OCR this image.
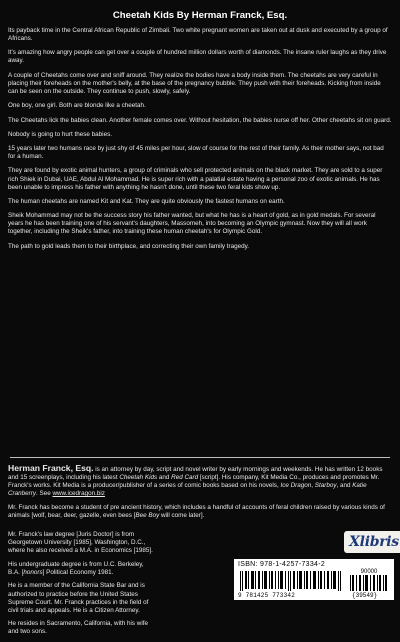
Cheetah Kids By Herman Franck, Esq.

Its payback time in the Central African Republic of Zimbali. Two white pregnant women are taken out at dusk and executed by a group of Africans.

It's amazing how angry people can get over a couple of hundred million dollars worth of diamonds. The insane ruler laughs as they drive away.

A couple of Cheetahs come over and sniff around. They realize the bodies have a body inside them. The cheetahs are very careful in placing their foreheads on the mother's belly, at the base of the pregnancy bubble. They push with their foreheads. Kicking from inside can be seen on the outside. They continue to push, slowly, safely.

One boy, one girl. Both are blonde like a cheetah.

The Cheetahs lick the babies clean. Another female comes over. Without hesitation, the babies nurse off her. Other cheetahs sit on guard.

Nobody is going to hurt these babies.

15 years later two humans race by just shy of 45 miles per hour, slow of course for the rest of their family. As their mother says, not bad for a human.

They are found by exotic animal hunters, a group of criminals who sell protected animals on the black market. They are sold to a super rich Shiek in Dubai, UAE, Abdul Al Mohammad. He is super rich with a palatial estate having a personal zoo of exotic animals. He has been unable to impress his father with anything he hasn't done, until these two feral kids show up.

The human cheetahs are named Kit and Kat. They are quite obviously the fastest humans on earth.

Sheik Mohammad may not be the success story his father wanted, but what he has is a heart of gold, as in gold medals. For several years he has been training one of his servant's daughters, Massomeh, into becoming an Olympic gymnast. Now they will all work together, including the Sheik's father, into training these human cheetah's for Olympic Gold.

The path to gold leads them to their birthplace, and correcting their own family tragedy.

Herman Franck, Esq. is an attorney by day, script and novel writer by early mornings and weekends. He has written 12 books and 15 screenplays, including his latest Cheetah Kids and Red Card [script]. His company, Kit Media Co., produces and promotes Mr. Franck's works. Kit Media is a producer/publisher of a series of comic books based on his novels, Ice Dragon, Starboy, and Katie Cranberry. See www.icedragon.biz

Mr. Franck has become a student of pre ancient history, which includes a handful of accounts of feral children raised by various kinds of animals [wolf, bear, deer, gazelle, even bees [Bee Boy will come later].

Mr. Franck's law degree [Juris Doctor] is from Georgetown University [1985], Washington, D.C., where he also received a M.A. in Economics [1985].

His undergraduate degree is from U.C. Berkeley, B.A. [honors] Political Economy 1981.

He is a member of the California State Bar and is authorized to practice before the United States Supreme Court. Mr. Franck practices in the field of civil trials and appeals. He is a Citizen Attorney.

He resides in Sacramento, California, with his wife and two sons.

Xlibris
ISBN: 978-1-4257-7334-2
90000
9 781425 773342	{39549}
